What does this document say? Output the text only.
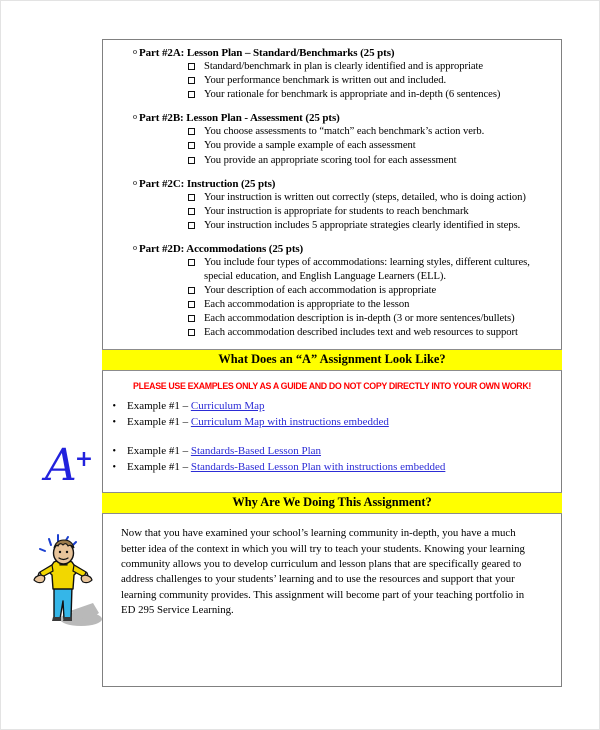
A+
o Part #2A: Lesson Plan – Standard/Benchmarks (25 pts)
Standard/benchmark in plan is clearly identified and is appropriate
Your performance benchmark is written out and included.
Your rationale for benchmark is appropriate and in-depth (6 sentences)
o Part #2B: Lesson Plan - Assessment (25 pts)
You choose assessments to “match” each benchmark’s action verb.
You provide a sample example of each assessment
You provide an appropriate scoring tool for each assessment
o Part #2C: Instruction (25 pts)
Your instruction is written out correctly (steps, detailed, who is doing action)
Your instruction is appropriate for students to reach benchmark
Your instruction includes 5 appropriate strategies clearly identified in steps.
o Part #2D: Accommodations (25 pts)
You include four types of accommodations: learning styles, different cultures, special education, and English Language Learners (ELL).
Your description of each accommodation is appropriate
Each accommodation is appropriate to the lesson
Each accommodation description is in-depth (3 or more sentences/bullets)
Each accommodation described includes text and web resources to support
What Does an “A” Assignment Look Like?
PLEASE USE EXAMPLES ONLY AS A GUIDE AND DO NOT COPY DIRECTLY INTO YOUR OWN WORK!
•	Example #1 – Curriculum Map
•	Example #1 – Curriculum Map with instructions embedded
•	Example #1 – Standards-Based Lesson Plan
•	Example #1 – Standards-Based Lesson Plan with instructions embedded
Why Are We Doing This Assignment?
Now that you have examined your school’s learning community in-depth, you have a much better idea of the context in which you will try to teach your students. Knowing your learning community allows you to develop curriculum and lesson plans that are specifically geared to address challenges to your students’ learning and to use the resources and support that your learning community provides. This assignment will become part of your teaching portfolio in ED 295 Service Learning.
